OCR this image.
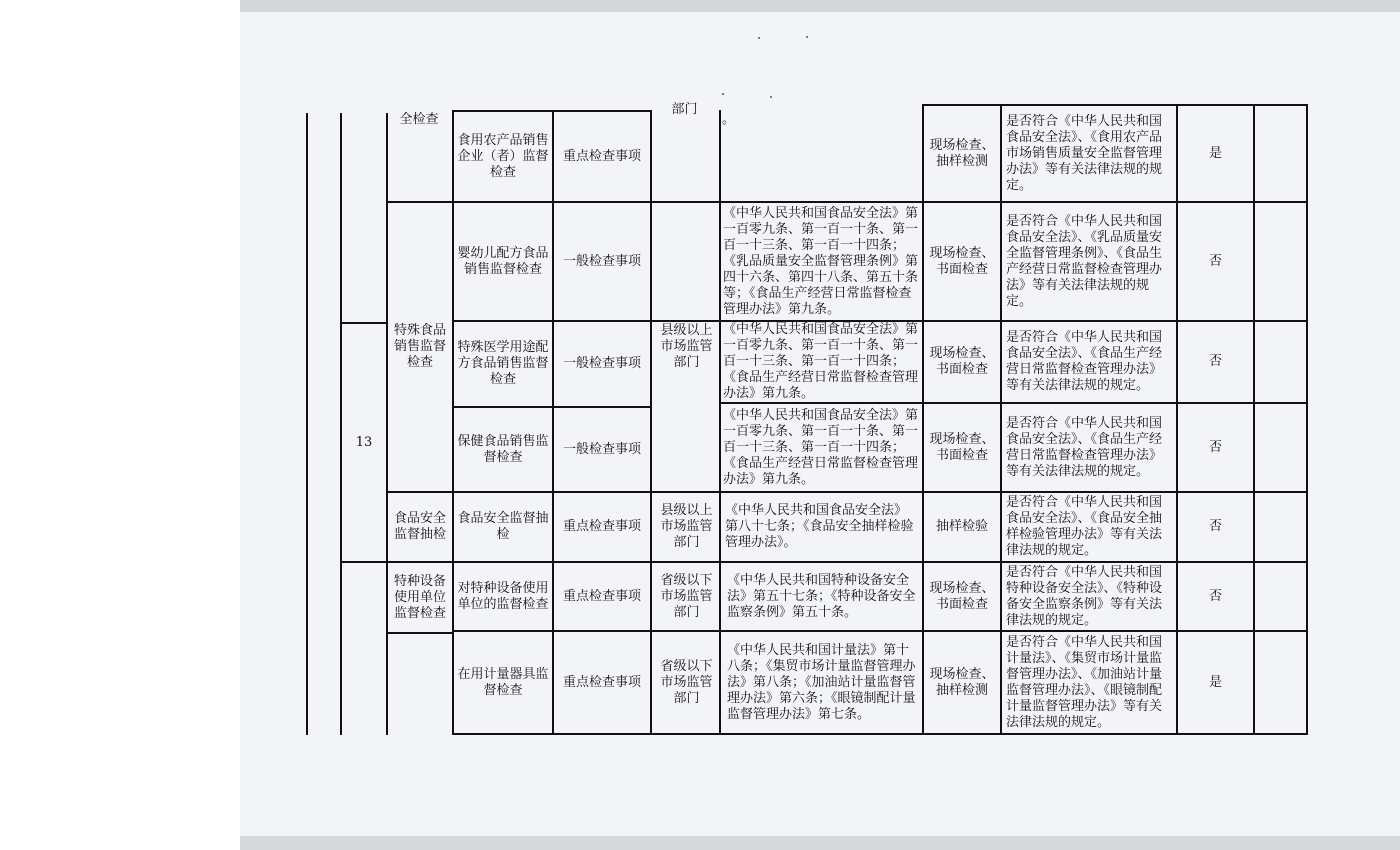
全检查
部门
。
13
特殊食品销售监督检查
县级以上市场监管部门
食用农产品销售企业（者）监督检查
重点检查事项
现场检查、抽样检测
是否符合《中华人民共和国食品安全法》、《食用农产品市场销售质量安全监督管理办法》等有关法律法规的规定。
是
婴幼儿配方食品销售监督检查
一般检查事项
《中华人民共和国食品安全法》第一百零九条、第一百一十条、第一百一十三条、第一百一十四条；《乳品质量安全监督管理条例》第四十六条、第四十八条、第五十条等；《食品生产经营日常监督检查管理办法》第九条。
现场检查、书面检查
是否符合《中华人民共和国食品安全法》、《乳品质量安全监督管理条例》、《食品生产经营日常监督检查管理办法》等有关法律法规的规定。
否
特殊医学用途配方食品销售监督检查
一般检查事项
《中华人民共和国食品安全法》第一百零九条、第一百一十条、第一百一十三条、第一百一十四条；《食品生产经营日常监督检查管理办法》第九条。
现场检查、书面检查
是否符合《中华人民共和国食品安全法》、《食品生产经营日常监督检查管理办法》等有关法律法规的规定。
否
保健食品销售监督检查
一般检查事项
《中华人民共和国食品安全法》第一百零九条、第一百一十条、第一百一十三条、第一百一十四条；《食品生产经营日常监督检查管理办法》第九条。
现场检查、书面检查
是否符合《中华人民共和国食品安全法》、《食品生产经营日常监督检查管理办法》等有关法律法规的规定。
否
食品安全监督抽检
食品安全监督抽检
重点检查事项
县级以上市场监管部门
《中华人民共和国食品安全法》第八十七条；《食品安全抽样检验管理办法》。
抽样检验
是否符合《中华人民共和国食品安全法》、《食品安全抽样检验管理办法》等有关法律法规的规定。
否
特种设备使用单位监督检查
对特种设备使用单位的监督检查
重点检查事项
省级以下市场监管部门
《中华人民共和国特种设备安全法》第五十七条；《特种设备安全监察条例》第五十条。
现场检查、书面检查
是否符合《中华人民共和国特种设备安全法》、《特种设备安全监察条例》等有关法律法规的规定。
否
在用计量器具监督检查
重点检查事项
省级以下市场监管部门
《中华人民共和国计量法》第十八条；《集贸市场计量监督管理办法》第八条；《加油站计量监督管理办法》第六条；《眼镜制配计量监督管理办法》第七条。
现场检查、抽样检测
是否符合《中华人民共和国计量法》、《集贸市场计量监督管理办法》、《加油站计量监督管理办法》、《眼镜制配计量监督管理办法》等有关法律法规的规定。
是
